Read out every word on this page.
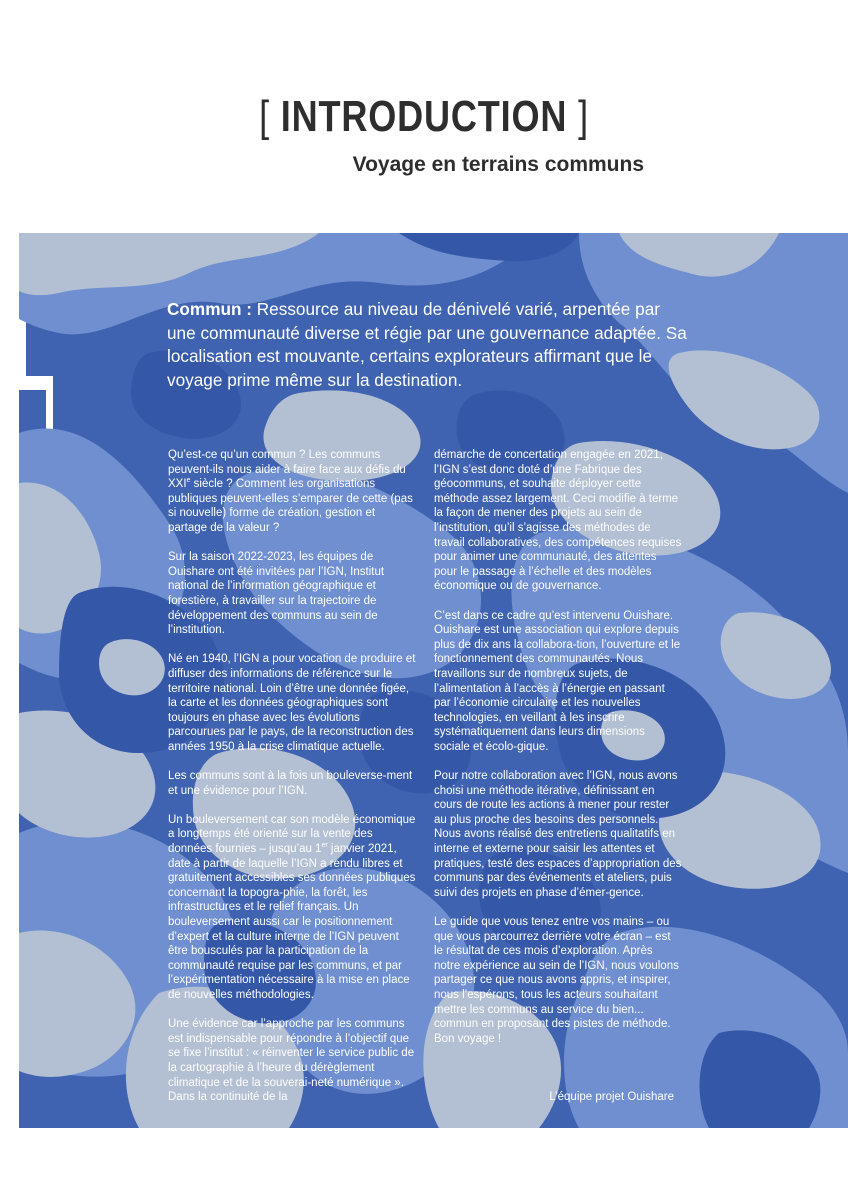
[ INTRODUCTION ]
Voyage en terrains communs
Commun : Ressource au niveau de dénivelé varié, arpentée par une communauté diverse et régie par une gouvernance adaptée. Sa localisation est mouvante, certains explorateurs affirmant que le voyage prime même sur la destination.

Qu’est-ce qu’un commun ? Les communs peuvent-ils nous aider à faire face aux défis du XXIe siècle ? Comment les organisations publiques peuvent-elles s’emparer de cette (pas si nouvelle) forme de création, gestion et partage de la valeur ?

Sur la saison 2022-2023, les équipes de Ouishare ont été invitées par l’IGN, Institut national de l’information géographique et forestière, à travailler sur la trajectoire de développement des communs au sein de l’institution.

Né en 1940, l’IGN a pour vocation de produire et diffuser des informations de référence sur le territoire national. Loin d’être une donnée figée, la carte et les données géographiques sont toujours en phase avec les évolutions parcourues par le pays, de la reconstruction des années 1950 à la crise climatique actuelle.

Les communs sont à la fois un bouleverse-ment et une évidence pour l’IGN.

Un bouleversement car son modèle économique a longtemps été orienté sur la vente des données fournies – jusqu’au 1er janvier 2021, date à partir de laquelle l’IGN a rendu libres et gratuitement accessibles ses données publiques concernant la topogra-phie, la forêt, les infrastructures et le relief français. Un bouleversement aussi car le positionnement d’expert et la culture interne de l’IGN peuvent être bousculés par la participation de la communauté requise par les communs, et par l’expérimentation nécessaire à la mise en place de nouvelles méthodologies.

Une évidence car l’approche par les communs est indispensable pour répondre à l’objectif que se fixe l’institut : « réinventer le service public de la cartographie à l’heure du dérèglement climatique et de la souverai-neté numérique ». Dans la continuité de la

démarche de concertation engagée en 2021, l’IGN s’est donc doté d’une Fabrique des géocommuns, et souhaite déployer cette méthode assez largement. Ceci modifie à terme la façon de mener des projets au sein de l’institution, qu’il s’agisse des méthodes de travail collaboratives, des compétences requises pour animer une communauté, des attentes pour le passage à l’échelle et des modèles économique ou de gouvernance.

C’est dans ce cadre qu’est intervenu Ouishare. Ouishare est une association qui explore depuis plus de dix ans la collabora-tion, l’ouverture et le fonctionnement des communautés. Nous travaillons sur de nombreux sujets, de l’alimentation à l’accès à l’énergie en passant par l’économie circulaire et les nouvelles technologies, en veillant à les inscrire systématiquement dans leurs dimensions sociale et écolo-gique.

Pour notre collaboration avec l’IGN, nous avons choisi une méthode itérative, définissant en cours de route les actions à mener pour rester au plus proche des besoins des personnels. Nous avons réalisé des entretiens qualitatifs en interne et externe pour saisir les attentes et pratiques, testé des espaces d’appropriation des communs par des événements et ateliers, puis suivi des projets en phase d’émer-gence.

Le guide que vous tenez entre vos mains – ou que vous parcourrez derrière votre écran – est le résultat de ces mois d’exploration. Après notre expérience au sein de l’IGN, nous voulons partager ce que nous avons appris, et inspirer, nous l’espérons, tous les acteurs souhaitant mettre les communs au service du bien... commun en proposant des pistes de méthode. Bon voyage !

L’équipe projet Ouishare
